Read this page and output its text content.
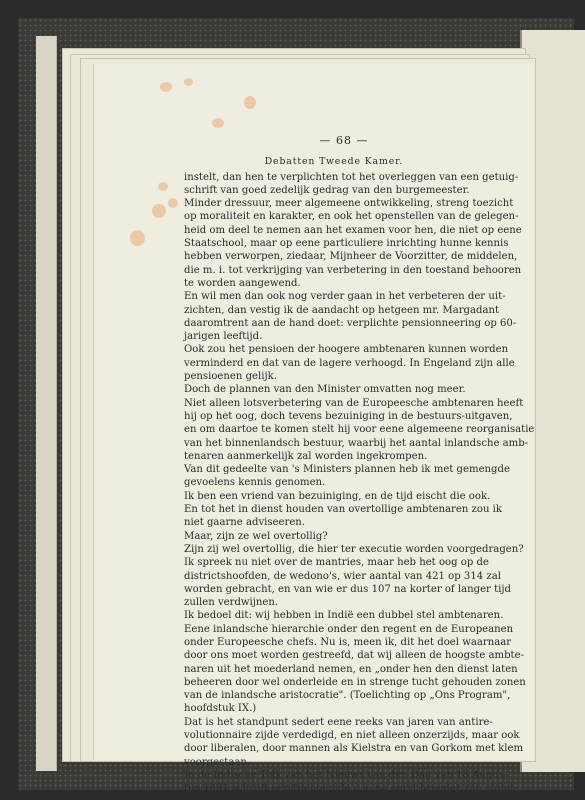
— 68 —
Debatten Tweede Kamer.
instelt, dan hen te verplichten tot het overleggen van een getuig-
schrift van goed zedelijk gedrag van den burgemeester.
Minder dressuur, meer algemeene ontwikkeling, streng toezicht
op moraliteit en karakter, en ook het openstellen van de gelegen-
heid om deel te nemen aan het examen voor hen, die niet op eene
Staatschool, maar op eene particuliere inrichting hunne kennis
hebben verworpen, ziedaar, Mijnheer de Voorzitter, de middelen,
die m. i. tot verkrijging van verbetering in den toestand behooren
te worden aangewend.
En wil men dan ook nog verder gaan in het verbeteren der uit-
zichten, dan vestig ik de aandacht op hetgeen mr. Margadant
daaromtrent aan de hand doet: verplichte pensionneering op 60-
jarigen leeftijd.
Ook zou het pensioen der hoogere ambtenaren kunnen worden
verminderd en dat van de lagere verhoogd. In Engeland zijn alle
pensioenen gelijk.
Doch de plannen van den Minister omvatten nog meer.
Niet alleen lotsverbetering van de Europeesche ambtenaren heeft
hij op het oog, doch tevens bezuiniging in de bestuurs-uitgaven,
en om daartoe te komen stelt hij voor eene algemeene reorganisatie
van het binnenlandsch bestuur, waarbij het aantal inlandsche amb-
tenaren aanmerkelijk zal worden ingekrompen.
Van dit gedeelte van 's Ministers plannen heb ik met gemengde
gevoelens kennis genomen.
Ik ben een vriend van bezuiniging, en de tijd eischt die ook.
En tot het in dienst houden van overtollige ambtenaren zou ik
niet gaarne adviseeren.
Maar, zijn ze wel overtollig?
Zijn zij wel overtollig, die hier ter executie worden voorgedragen?
Ik spreek nu niet over de mantries, maar heb het oog op de
districtshoofden, de wedono's, wier aantal van 421 op 314 zal
worden gebracht, en van wie er dus 107 na korter of langer tijd
zullen verdwijnen.
Ik bedoel dit: wij hebben in Indië een dubbel stel ambtenaren.
Eene inlandsche hierarchie onder den regent en de Europeanen
onder Europeesche chefs. Nu is, meen ik, dit het doel waarnaar
door ons moet worden gestreefd, dat wij alleen de hoogste ambte-
naren uit het moederland nemen, en „onder hen den dienst laten
beheeren door wel onderleide en in strenge tucht gehouden zonen
van de inlandsche aristocratie". (Toelichting op „Ons Program",
hoofdstuk IX.)
Dat is het standpunt sedert eene reeks van jaren van antire-
volutionnaire zijde verdedigd, en niet alleen onzerzijds, maar ook
door liberalen, door mannen als Kielstra en van Gorkom met klem
voorgestaan.
In de Indische Tolk van het Nieuws van den Dag van 18 Augus-
tus 1891 schrijft eerstgenoemde o.a. na eerst breeder zijn stand-
